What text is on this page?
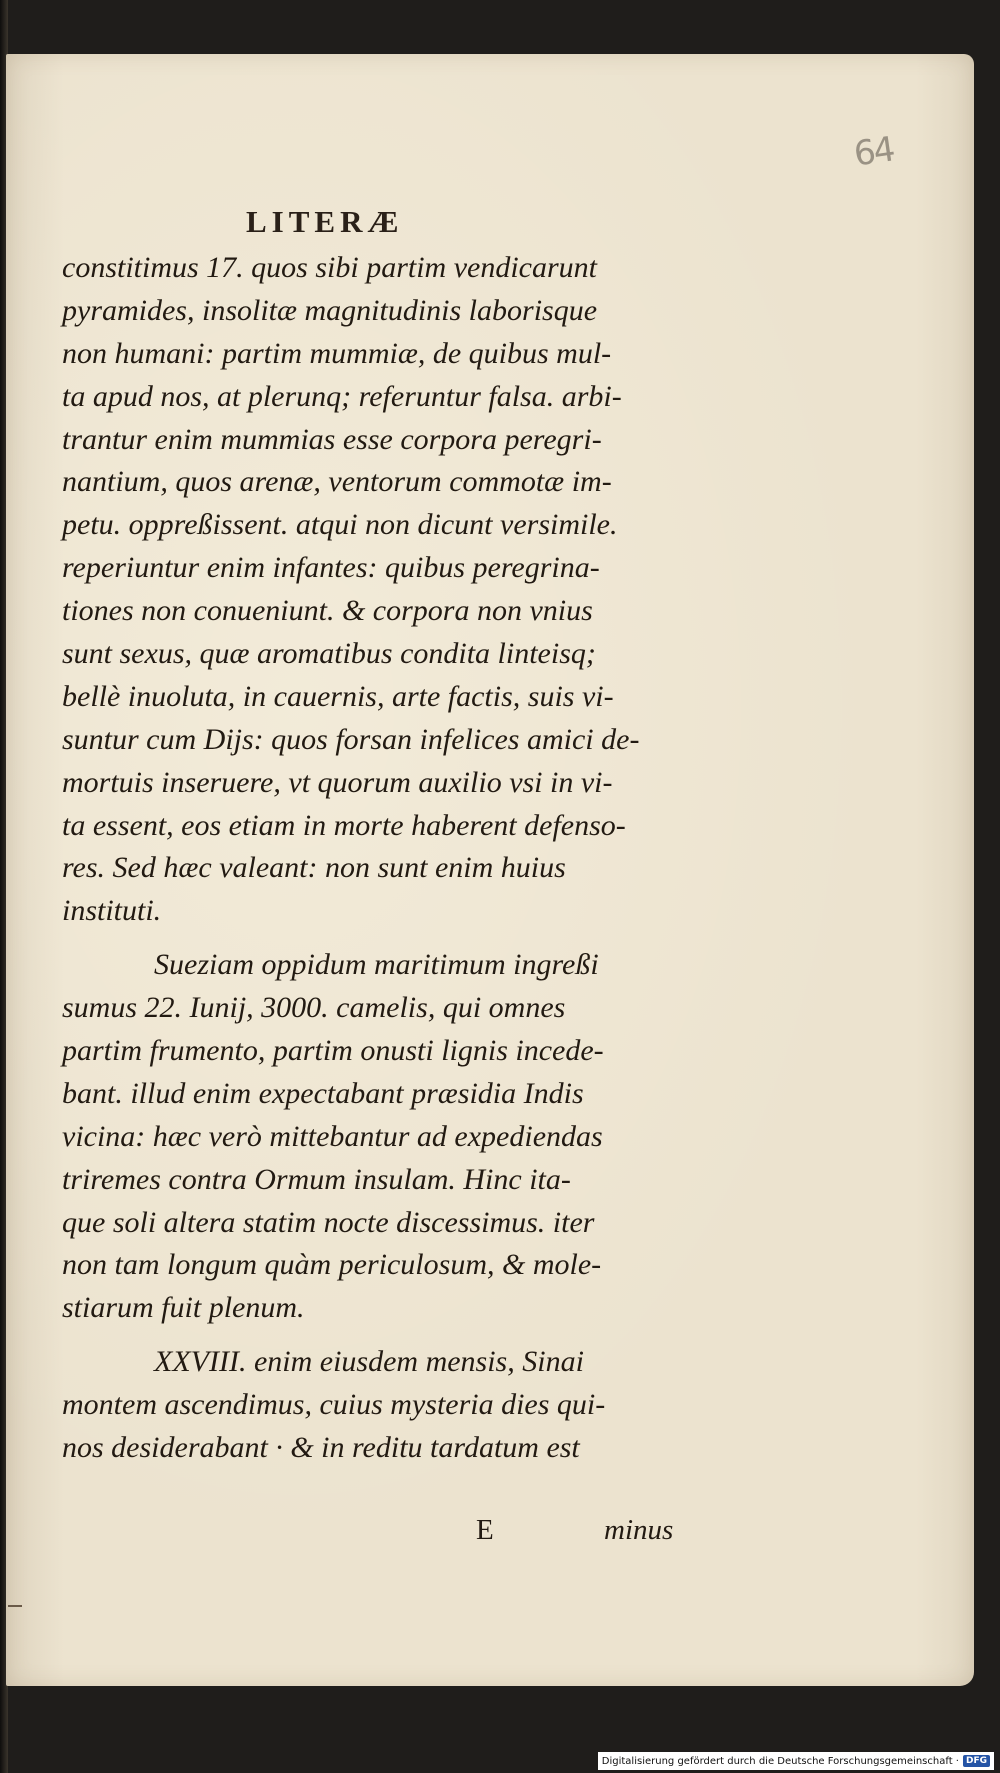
64
LITERÆ
constitimus 17. quos sibi partim vendicarunt
pyramides, insolitæ magnitudinis laborisque
non humani: partim mummiæ, de quibus mul-
ta apud nos, at plerunq; referuntur falsa. arbi-
trantur enim mummias esse corpora peregri-
nantium, quos arenæ, ventorum commotæ im-
petu. oppreßissent. atqui non dicunt versimile.
reperiuntur enim infantes: quibus peregrina-
tiones non conueniunt. & corpora non vnius
sunt sexus, quæ aromatibus condita linteisq;
bellè inuoluta, in cauernis, arte factis, suis vi-
suntur cum Dijs: quos forsan infelices amici de-
mortuis inseruere, vt quorum auxilio vsi in vi-
ta essent, eos etiam in morte haberent defenso-
res. Sed hæc valeant: non sunt enim huius
instituti.
Sueziam oppidum maritimum ingreßi
sumus 22. Iunij, 3000. camelis, qui omnes
partim frumento, partim onusti lignis incede-
bant. illud enim expectabant præsidia Indis
vicina: hæc verò mittebantur ad expediendas
triremes contra Ormum insulam. Hinc ita-
que soli altera statim nocte discessimus. iter
non tam longum quàm periculosum, & mole-
stiarum fuit plenum.
XXVIII. enim eiusdem mensis, Sinai
montem ascendimus, cuius mysteria dies qui-
nos desiderabant · & in reditu tardatum est
E	minus
Digitalisierung gefördert durch die Deutsche Forschungsgemeinschaft · DFG
